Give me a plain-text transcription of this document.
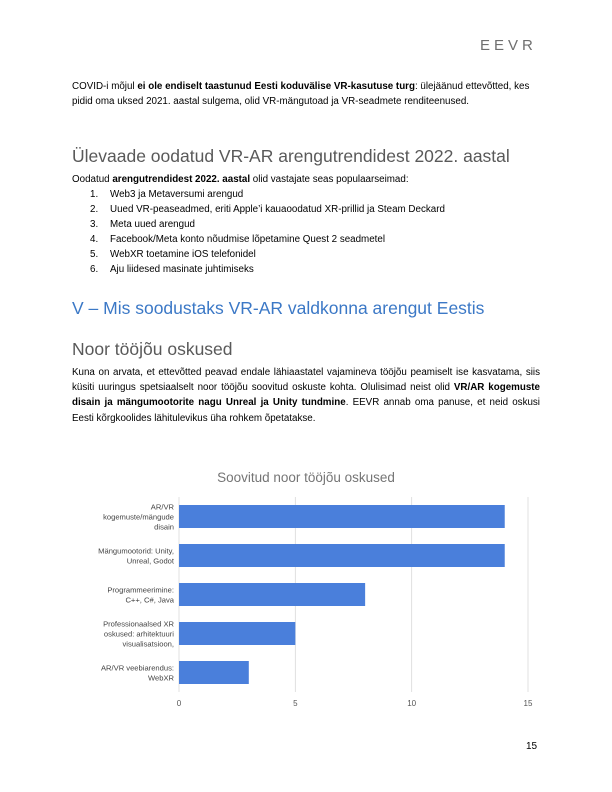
EEVR

COVID-i mõjul ei ole endiselt taastunud Eesti koduvälise VR-kasutuse turg: ülejäänud ettevõtted, kes pidid oma uksed 2021. aastal sulgema, olid VR-mängutoad ja VR-seadmete renditeenused.

Ülevaade oodatud VR-AR arengutrendidest 2022. aastal

Oodatud arengutrendidest 2022. aastal olid vastajate seas populaarseimad:

1. Web3 ja Metaversumi arengud
2. Uued VR-peaseadmed, eriti Apple’i kauaoodatud XR-prillid ja Steam Deckard
3. Meta uued arengud
4. Facebook/Meta konto nõudmise lõpetamine Quest 2 seadmetel
5. WebXR toetamine iOS telefonidel
6. Aju liidesed masinate juhtimiseks
V – Mis soodustaks VR-AR valdkonna arengut Eestis
Noor tööjõu oskused

Kuna on arvata, et ettevõtted peavad endale lähiaastatel vajamineva tööjõu peamiselt ise kasvatama, siis küsiti uuringus spetsiaalselt noor tööjõu soovitud oskuste kohta. Olulisimad neist olid VR/AR kogemuste disain ja mängumootorite nagu Unreal ja Unity tundmine. EEVR annab oma panuse, et neid oskusi Eesti kõrgkoolides lähitulevikus üha rohkem õpetatakse.

Soovitud noor tööjõu oskused
0	5	10	15
AR/VR
kogemuste/mängude
disain
Mängumootorid: Unity,
Unreal, Godot
Programmeerimine:
C++, C#, Java
Professionaalsed XR
oskused: arhitektuuri
visualisatsioon,
AR/VR veebiarendus:
WebXR
15
